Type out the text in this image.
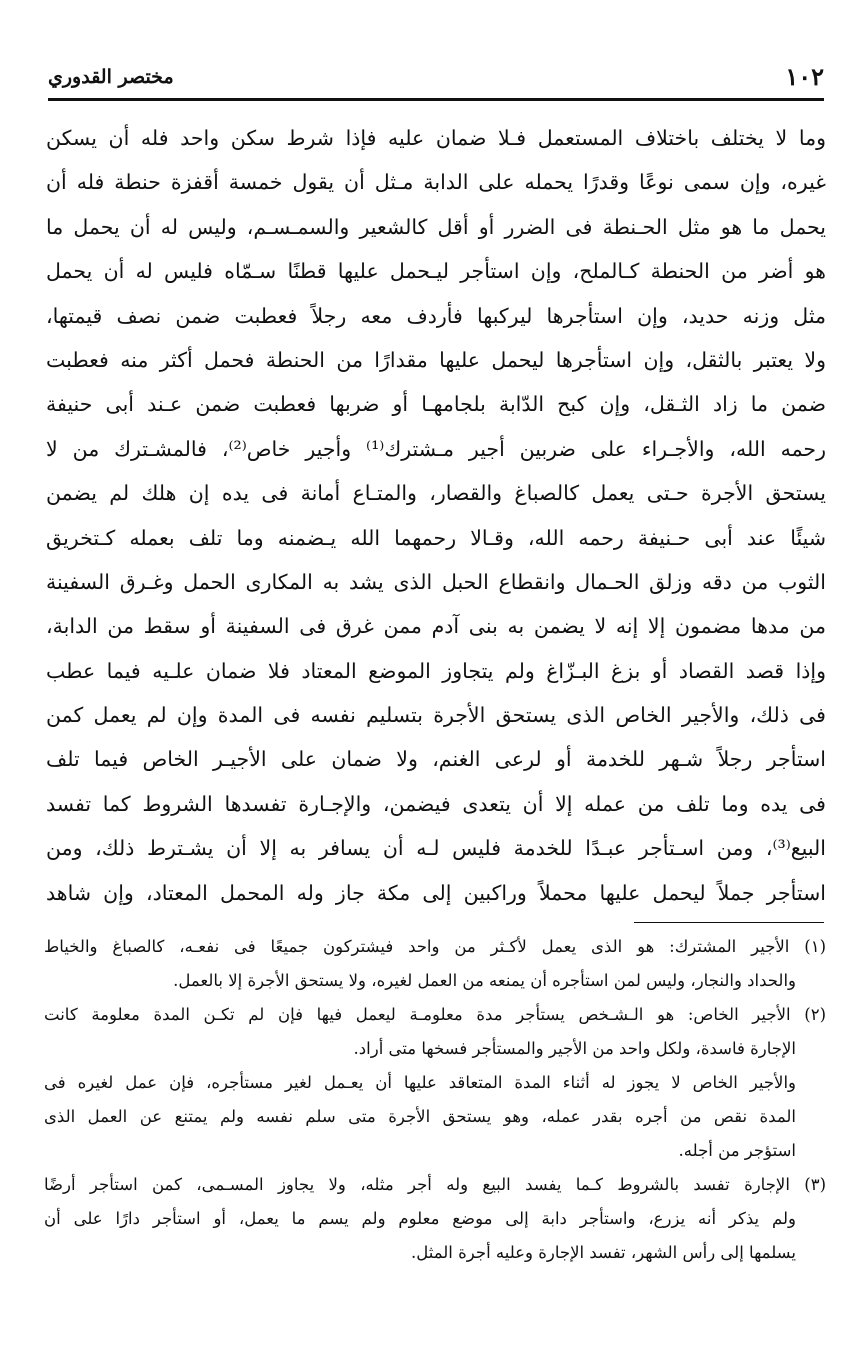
١٠٢
مختصر القدوري
وما لا يختلف باختلاف المستعمل فـلا ضمان عليه فإذا شرط سكن واحد فله أن يسكن
غيره، وإن سمى نوعًا وقدرًا يحمله على الدابة مـثل أن يقول خمسة أقفزة حنطة فله أن
يحمل ما هو مثل الحـنطة فى الضرر أو أقل كالشعير والسمـسـم، وليس له أن يحمل ما
هو أضر من الحنطة كـالملح، وإن استأجر ليـحمل عليها قطنًا سـمّاه فليس له أن يحمل
مثل وزنه حديد، وإن استأجرها ليركبها فأردف معه رجلاً فعطبت ضمن نصف قيمتها،
ولا يعتبر بالثقل، وإن استأجرها ليحمل عليها مقدارًا من الحنطة فحمل أكثر منه فعطبت
ضمن ما زاد الثـقل، وإن كبح الدّابة بلجامهـا أو ضربها فعطبت ضمن عـند أبى حنيفة
رحمه الله، والأجـراء على ضربين أجير مـشترك⁽¹⁾ وأجير خاص⁽²⁾، فالمشـترك من لا
يستحق الأجرة حـتى يعمل كالصباغ والقصار، والمتـاع أمانة فى يده إن هلك لم يضمن
شيئًا عند أبى حـنيفة رحمه الله، وقـالا رحمهما الله يـضمنه وما تلف بعمله كـتخريق
الثوب من دقه وزلق الحـمال وانقطاع الحبل الذى يشد به المكارى الحمل وغـرق السفينة
من مدها مضمون إلا إنه لا يضمن به بنى آدم ممن غرق فى السفينة أو سقط من الدابة،
وإذا قصد القصاد أو بزغ البـزّاغ ولم يتجاوز الموضع المعتاد فلا ضمان علـيه فيما عطب
فى ذلك، والأجير الخاص الذى يستحق الأجرة بتسليم نفسه فى المدة وإن لم يعمل كمن
استأجر رجلاً شـهر للخدمة أو لرعى الغنم، ولا ضمان على الأجيـر الخاص فيما تلف
فى يده وما تلف من عمله إلا أن يتعدى فيضمن، والإجـارة تفسدها الشروط كما تفسد
البيع⁽³⁾، ومن اسـتأجر عبـدًا للخدمة فليس لـه أن يسافر به إلا أن يشـترط ذلك، ومن
استأجر جملاً ليحمل عليها محملاً وراكبين إلى مكة جاز وله المحمل المعتاد، وإن شاهد
(١) الأجير المشترك: هو الذى يعمل لأكـثر من واحد فيشتركون جميعًا فى نفعـه، كالصباغ والخياط
والحداد والنجار، وليس لمن استأجره أن يمنعه من العمل لغيره، ولا يستحق الأجرة إلا بالعمل.
(٢) الأجير الخاص: هو الـشـخص يستأجر مدة معلومـة ليعمل فيها فإن لم تكـن المدة معلومة كانت
الإجارة فاسدة، ولكل واحد من الأجير والمستأجر فسخها متى أراد.
والأجير الخاص لا يجوز له أثناء المدة المتعاقد عليها أن يعـمل لغير مستأجره، فإن عمل لغيره فى
المدة نقص من أجره بقدر عمله، وهو يستحق الأجرة متى سلم نفسه ولم يمتنع عن العمل الذى
استؤجر من أجله.
(٣) الإجارة تفسد بالشروط كـما يفسد البيع وله أجر مثله، ولا يجاوز المسـمى، كمن استأجر أرضًا
ولم يذكر أنه يزرع، واستأجر دابة إلى موضع معلوم ولم يسم ما يعمل، أو استأجر دارًا على أن
يسلمها إلى رأس الشهر، تفسد الإجارة وعليه أجرة المثل.
